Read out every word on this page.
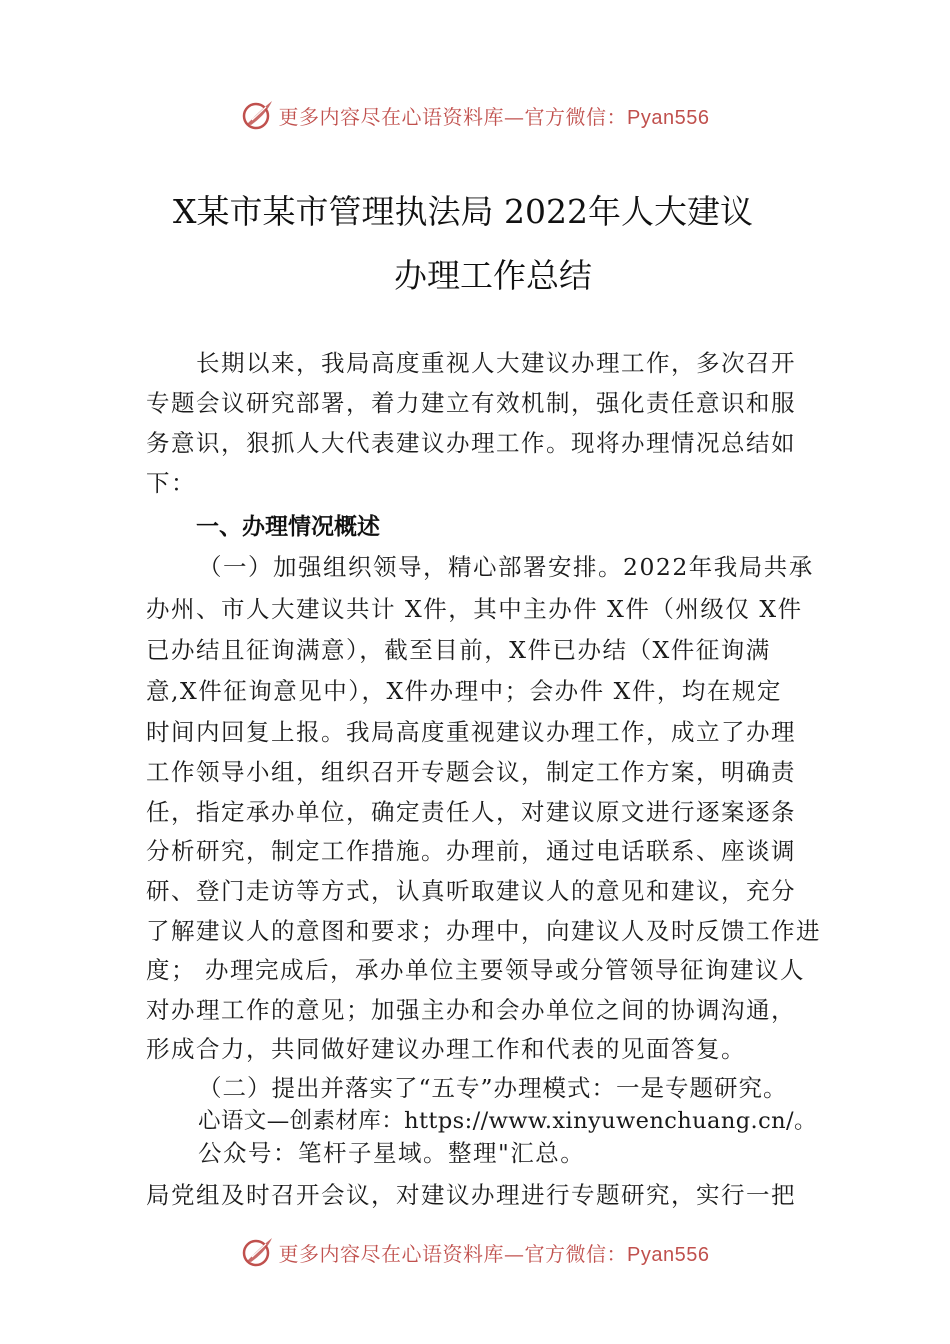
更多内容尽在心语资料库—官方微信：Pyan556
X某市某市管理执法局 2022年人大建议
办理工作总结
长期以来，我局高度重视人大建议办理工作，多次召开
专题会议研究部署，着力建立有效机制，强化责任意识和服
务意识，狠抓人大代表建议办理工作。现将办理情况总结如
下：
一、办理情况概述
（一）加强组织领导，精心部署安排。2022年我局共承
办州、市人大建议共计 X件，其中主办件 X件（州级仅 X件
已办结且征询满意），截至目前，X件已办结（X件征询满
意,X件征询意见中），X件办理中；会办件 X件，均在规定
时间内回复上报。我局高度重视建议办理工作，成立了办理
工作领导小组，组织召开专题会议，制定工作方案，明确责
任，指定承办单位，确定责任人，对建议原文进行逐案逐条
分析研究，制定工作措施。办理前，通过电话联系、座谈调
研、登门走访等方式，认真听取建议人的意见和建议，充分
了解建议人的意图和要求；办理中，向建议人及时反馈工作进
度； 办理完成后，承办单位主要领导或分管领导征询建议人
对办理工作的意见；加强主办和会办单位之间的协调沟通，
形成合力，共同做好建议办理工作和代表的见面答复。
（二）提出并落实了“五专”办理模式：一是专题研究。
心语文—创素材库：https://www.xinyuwenchuang.cn/。
公众号：笔杆子星域。整理"汇总。
局党组及时召开会议，对建议办理进行专题研究，实行一把
更多内容尽在心语资料库—官方微信：Pyan556
